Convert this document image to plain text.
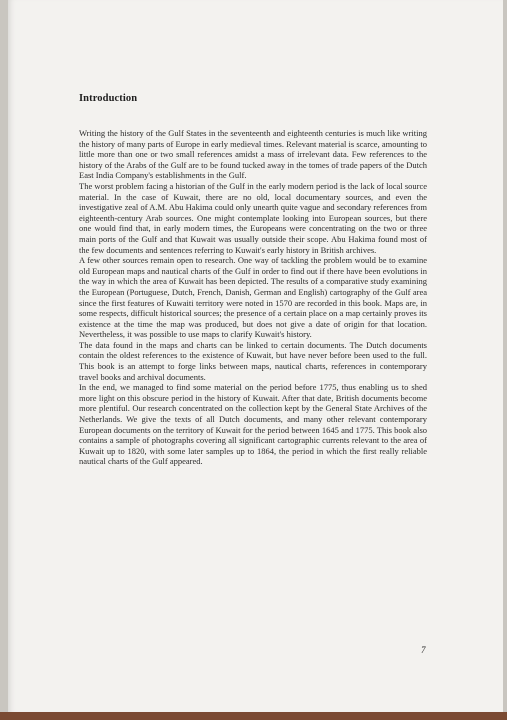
Introduction

Writing the history of the Gulf States in the seventeenth and eighteenth centuries is much like writing the history of many parts of Europe in early medieval times. Relevant material is scarce, amounting to little more than one or two small references amidst a mass of irrelevant data. Few references to the history of the Arabs of the Gulf are to be found tucked away in the tomes of trade papers of the Dutch East India Company's establishments in the Gulf.

The worst problem facing a historian of the Gulf in the early modern period is the lack of local source material. In the case of Kuwait, there are no old, local documentary sources, and even the investigative zeal of A.M. Abu Hakima could only unearth quite vague and secondary references from eighteenth-century Arab sources. One might contemplate looking into European sources, but there one would find that, in early modern times, the Europeans were concentrating on the two or three main ports of the Gulf and that Kuwait was usually outside their scope. Abu Hakima found most of the few documents and sentences referring to Kuwait's early history in British archives.

A few other sources remain open to research. One way of tackling the problem would be to examine old European maps and nautical charts of the Gulf in order to find out if there have been evolutions in the way in which the area of Kuwait has been depicted. The results of a comparative study examining the European (Portuguese, Dutch, French, Danish, German and English) cartography of the Gulf area since the first features of Kuwaiti territory were noted in 1570 are recorded in this book. Maps are, in some respects, difficult historical sources; the presence of a certain place on a map certainly proves its existence at the time the map was produced, but does not give a date of origin for that location. Nevertheless, it was possible to use maps to clarify Kuwait's history.

The data found in the maps and charts can be linked to certain documents. The Dutch documents contain the oldest references to the existence of Kuwait, but have never before been used to the full. This book is an attempt to forge links between maps, nautical charts, references in contemporary travel books and archival documents.

In the end, we managed to find some material on the period before 1775, thus enabling us to shed more light on this obscure period in the history of Kuwait. After that date, British documents become more plentiful. Our research concentrated on the collection kept by the General State Archives of the Netherlands. We give the texts of all Dutch documents, and many other relevant contemporary European documents on the territory of Kuwait for the period between 1645 and 1775. This book also contains a sample of photographs covering all significant cartographic currents relevant to the area of Kuwait up to 1820, with some later samples up to 1864, the period in which the first really reliable nautical charts of the Gulf appeared.

7
